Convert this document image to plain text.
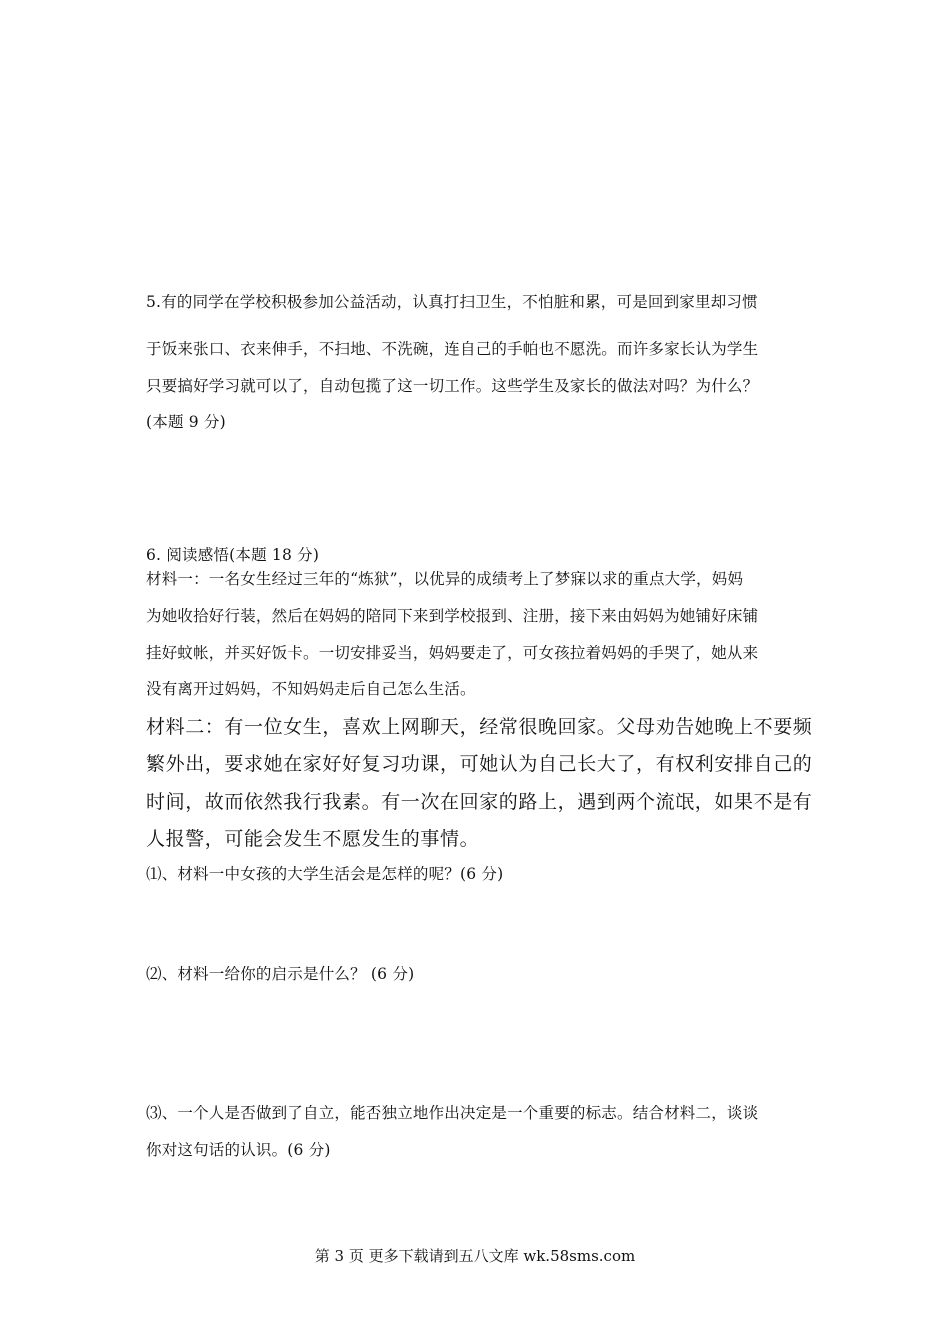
5.有的同学在学校积极参加公益活动，认真打扫卫生，不怕脏和累，可是回到家里却习惯
于饭来张口、衣来伸手，不扫地、不洗碗，连自己的手帕也不愿洗。而许多家长认为学生
只要搞好学习就可以了，自动包揽了这一切工作。这些学生及家长的做法对吗？为什么？
(本题 9 分)
6. 阅读感悟(本题 18 分)
材料一：一名女生经过三年的“炼狱”，以优异的成绩考上了梦寐以求的重点大学，妈妈
为她收拾好行装，然后在妈妈的陪同下来到学校报到、注册，接下来由妈妈为她铺好床铺
挂好蚊帐，并买好饭卡。一切安排妥当，妈妈要走了，可女孩拉着妈妈的手哭了，她从来
没有离开过妈妈，不知妈妈走后自己怎么生活。
材料二：有一位女生，喜欢上网聊天，经常很晚回家。父母劝告她晚上不要频
繁外出，要求她在家好好复习功课，可她认为自己长大了，有权利安排自己的
时间，故而依然我行我素。有一次在回家的路上，遇到两个流氓，如果不是有
人报警，可能会发生不愿发生的事情。
⑴、材料一中女孩的大学生活会是怎样的呢？(6 分)
⑵、材料一给你的启示是什么？ (6 分)
⑶、一个人是否做到了自立，能否独立地作出决定是一个重要的标志。结合材料二，谈谈
你对这句话的认识。(6 分)
第 3 页 更多下载请到五八文库 wk.58sms.com
